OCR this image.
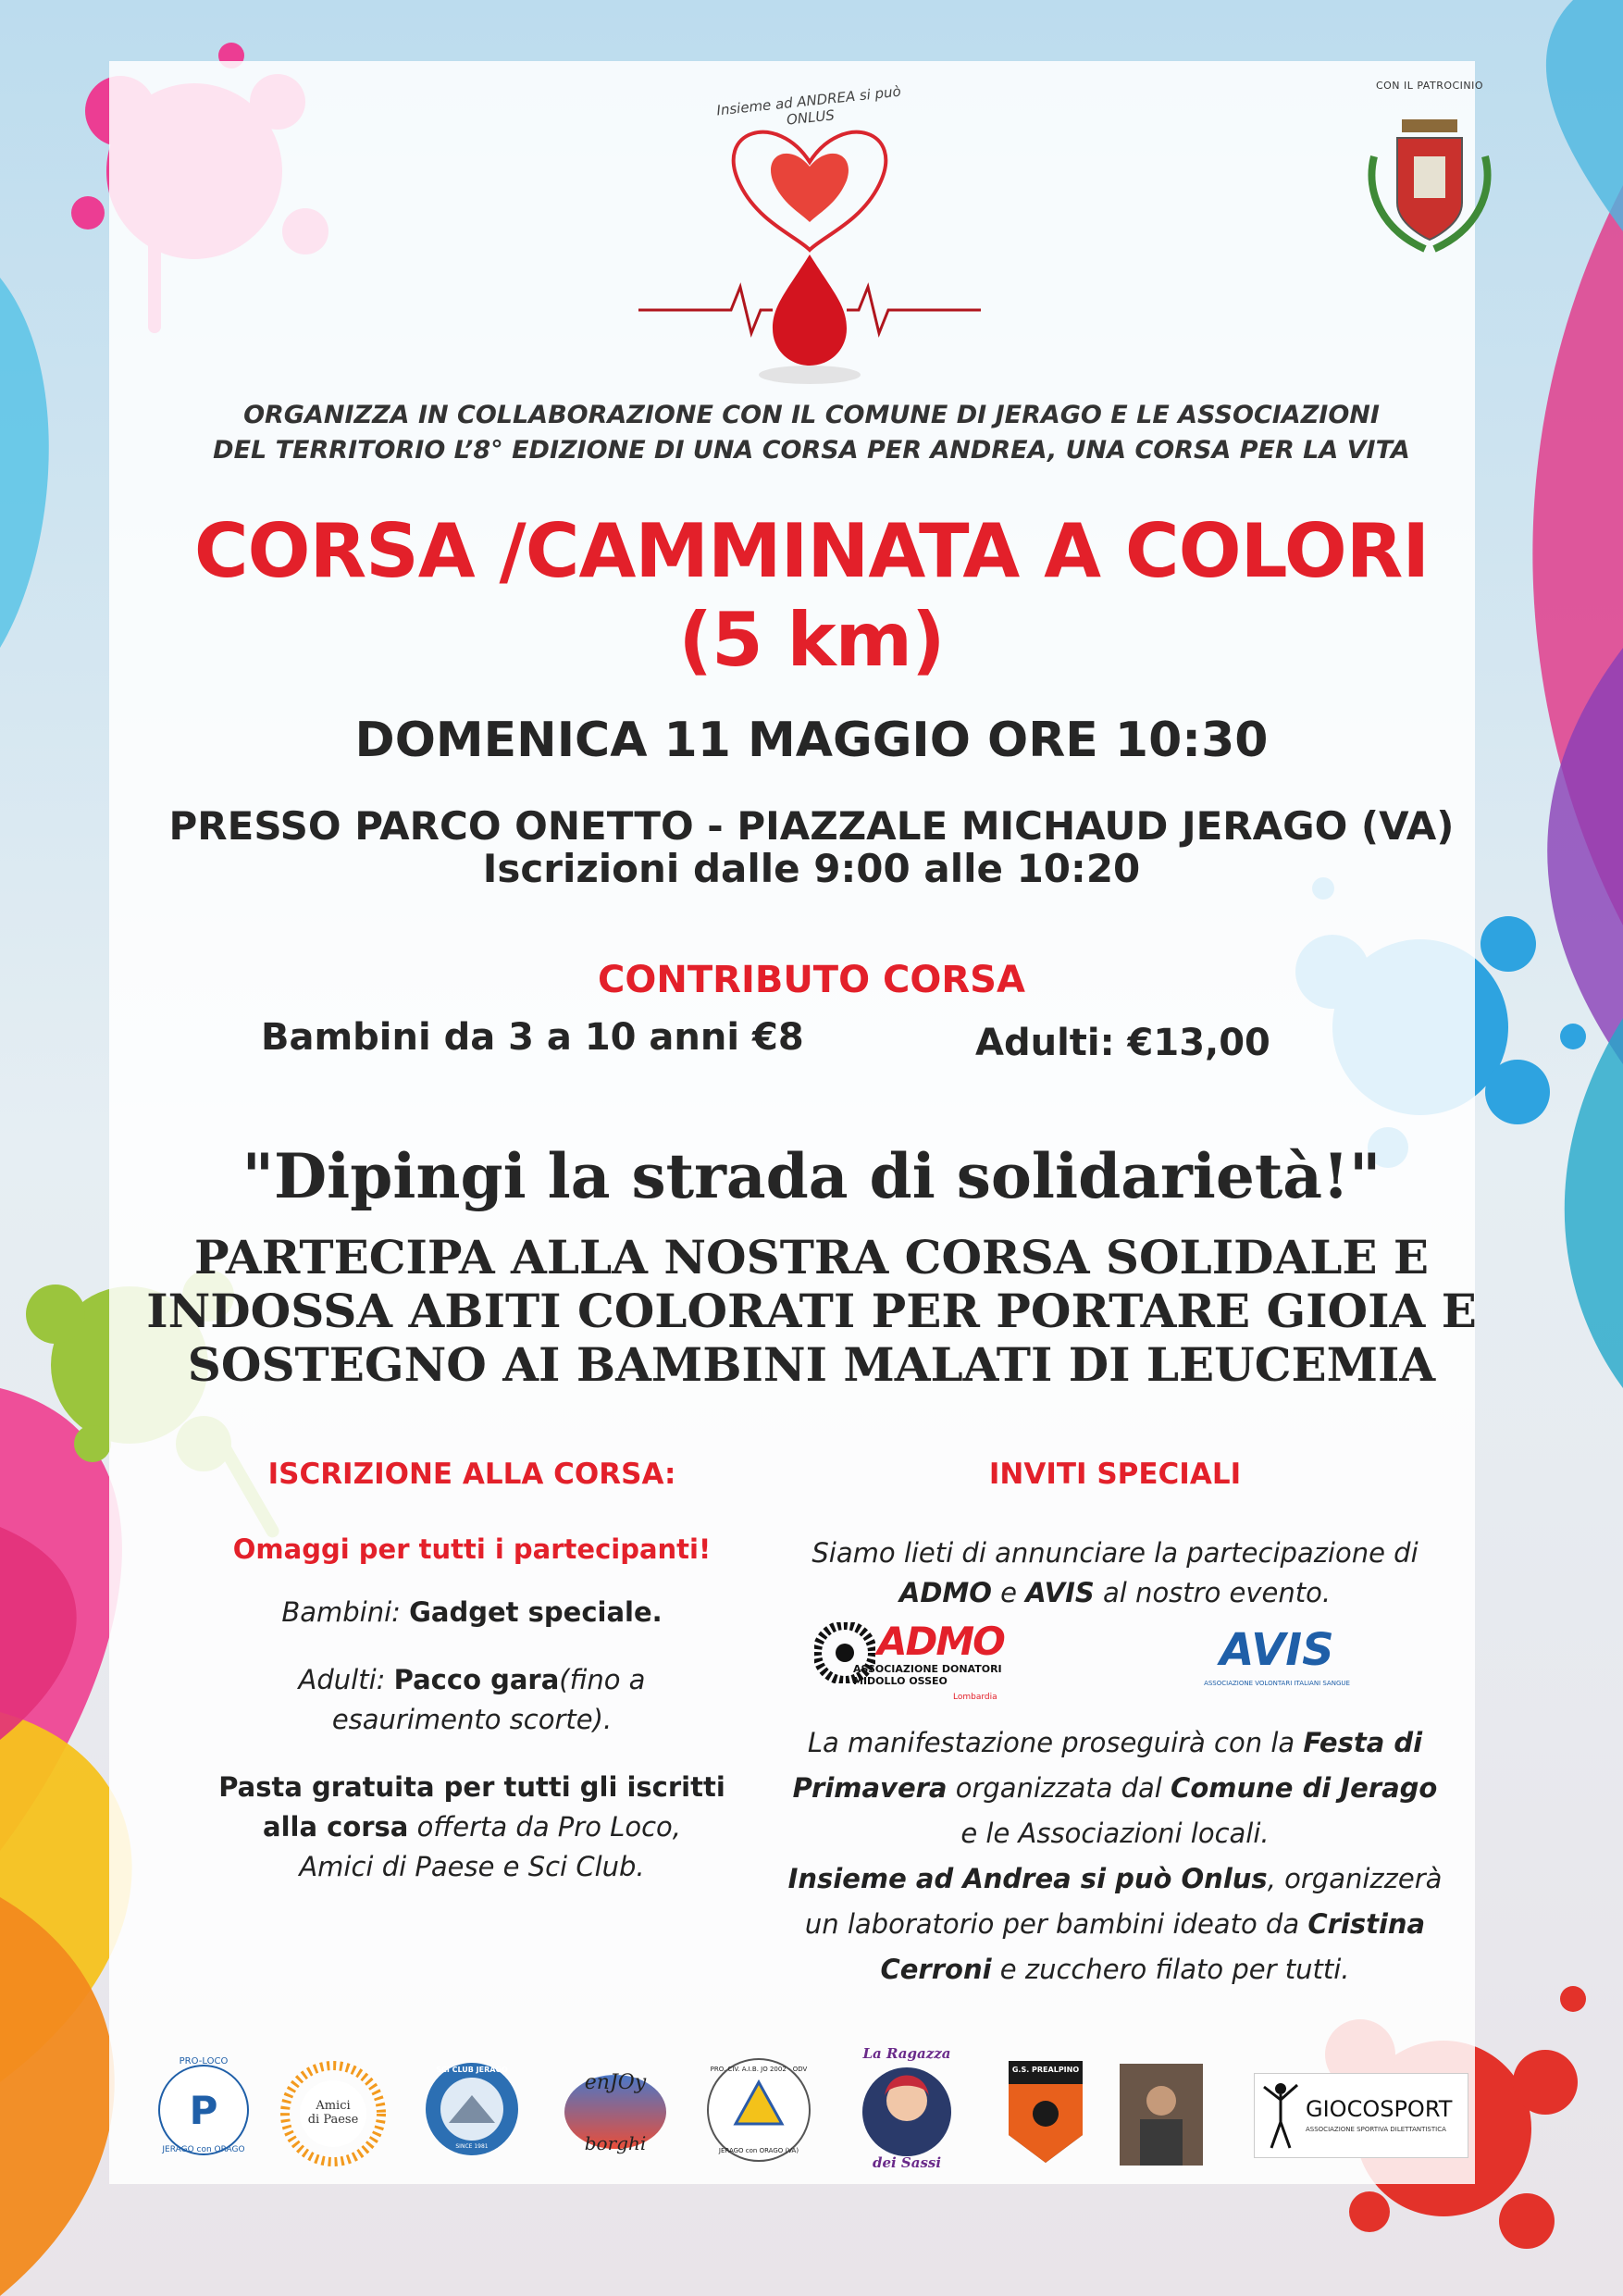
Insieme ad ANDREA si può ONLUS
CON IL PATROCINIO
ORGANIZZA IN COLLABORAZIONE CON IL COMUNE DI JERAGO E LE ASSOCIAZIONI
DEL TERRITORIO L’8° EDIZIONE DI UNA CORSA PER ANDREA, UNA CORSA PER LA VITA
CORSA /CAMMINATA A COLORI
(5 km)
DOMENICA 11 MAGGIO ORE 10:30
PRESSO PARCO ONETTO - PIAZZALE MICHAUD JERAGO (VA)
Iscrizioni dalle 9:00 alle 10:20
CONTRIBUTO CORSA
Bambini da 3 a 10 anni €8	Adulti: €13,00
"Dipingi la strada di solidarietà!"
PARTECIPA ALLA NOSTRA CORSA SOLIDALE E
INDOSSA ABITI COLORATI PER PORTARE GIOIA E
SOSTEGNO AI BAMBINI MALATI DI LEUCEMIA
ISCRIZIONE ALLA CORSA:
Omaggi per tutti i partecipanti!
Bambini: Gadget speciale.
Adulti: Pacco gara(fino a
esaurimento scorte).
Pasta gratuita per tutti gli iscritti
alla corsa offerta da Pro Loco,
Amici di Paese e Sci Club.
INVITI SPECIALI
Siamo lieti di annunciare la partecipazione di
ADMO e AVIS al nostro evento.
ADMO
ASSOCIAZIONE DONATORI
MIDOLLO OSSEO
Lombardia
AVIS
ASSOCIAZIONE VOLONTARI ITALIANI SANGUE
La manifestazione proseguirà con la Festa di
Primavera organizzata dal Comune di Jerago
e le Associazioni locali.
Insieme ad Andrea si può Onlus, organizzerà
un laboratorio per bambini ideato da Cristina
Cerroni e zucchero filato per tutti.
P
PRO-LOCO
JERAGO con ORAGO
Amici
di Paese
SCI CLUB JERAGO
SINCE 1981
enJOy
borghi
PRO. CIV. A.I.B. JO 2002 - ODV
JERAGO con ORAGO (VA)
La Ragazza
dei Sassi
G.S. PREALPINO
GIOCOSPORT
ASSOCIAZIONE SPORTIVA DILETTANTISTICA
